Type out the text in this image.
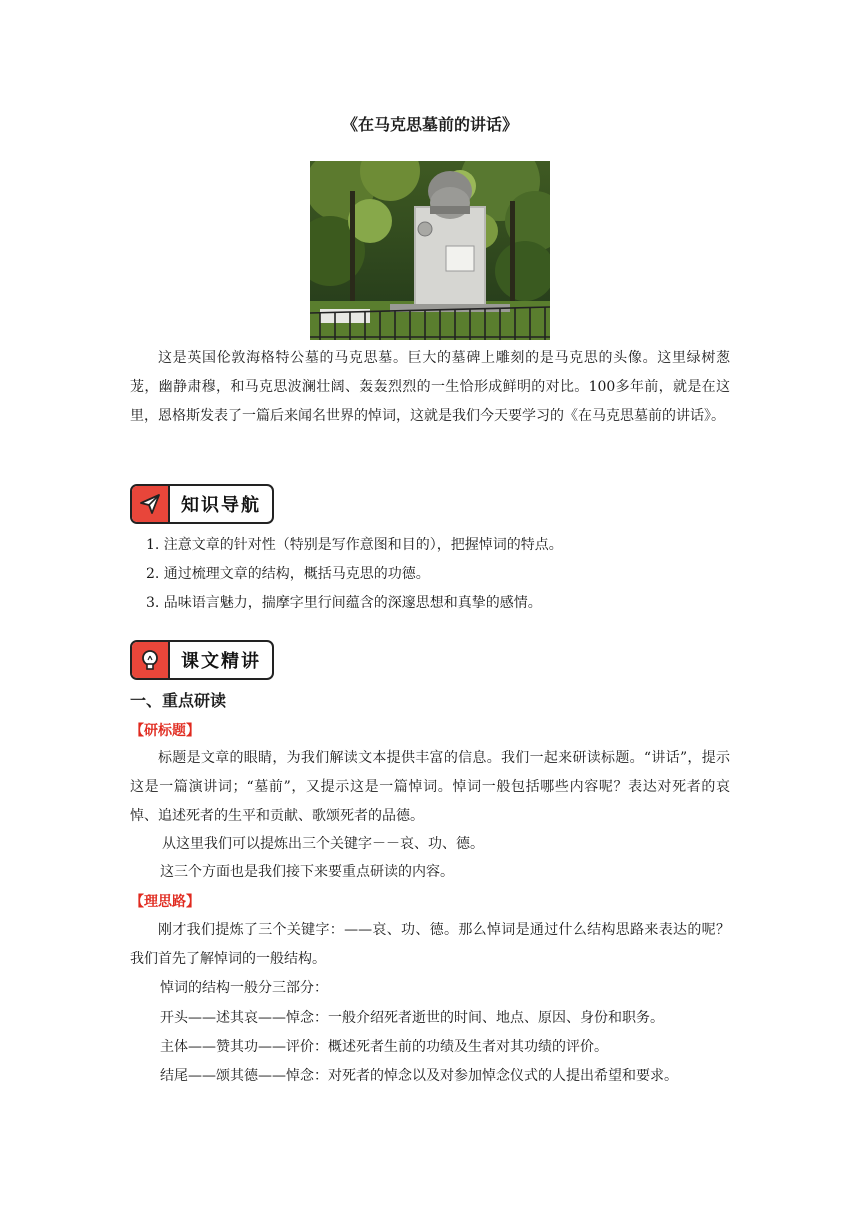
《在马克思墓前的讲话》
这是英国伦敦海格特公墓的马克思墓。巨大的墓碑上雕刻的是马克思的头像。这里绿树葱茏，幽静肃穆，和马克思波澜壮阔、轰轰烈烈的一生恰形成鲜明的对比。100多年前，就是在这里，恩格斯发表了一篇后来闻名世界的悼词，这就是我们今天要学习的《在马克思墓前的讲话》。
知识导航
1. 注意文章的针对性（特别是写作意图和目的），把握悼词的特点。
2. 通过梳理文章的结构，概括马克思的功德。
3. 品味语言魅力，揣摩字里行间蕴含的深邃思想和真挚的感情。
课文精讲
一、重点研读
【研标题】
标题是文章的眼睛，为我们解读文本提供丰富的信息。我们一起来研读标题。“讲话”，提示这是一篇演讲词；“墓前”，又提示这是一篇悼词。悼词一般包括哪些内容呢？表达对死者的哀悼、追述死者的生平和贡献、歌颂死者的品德。
从这里我们可以提炼出三个关键字－－哀、功、德。
这三个方面也是我们接下来要重点研读的内容。
【理思路】
刚才我们提炼了三个关键字：——哀、功、德。那么悼词是通过什么结构思路来表达的呢？我们首先了解悼词的一般结构。
悼词的结构一般分三部分：
开头——述其哀——悼念：一般介绍死者逝世的时间、地点、原因、身份和职务。
主体——赞其功——评价：概述死者生前的功绩及生者对其功绩的评价。
结尾——颂其德——悼念：对死者的悼念以及对参加悼念仪式的人提出希望和要求。
